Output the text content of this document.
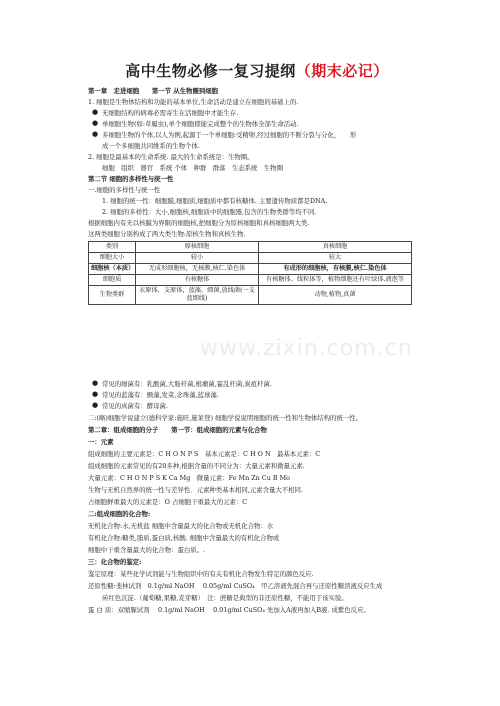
高中生物必修一复习提纲（期末必记）
第一章　走进细胞　　第一节 从生物圈到细胞
1. 细胞是生物体结构和功能的基本单位,生命活动是建立在细胞的基础上的.
● 无细胞结构的病毒必需寄生在活细胞中才能生存.
● 单细胞生物(如:草履虫),单个细胞即能完成整个的生物体全部生命活动.
● 多细胞生物的个体,以人为例,起源于一个单细胞:受精卵,经过细胞的不断分裂与分化，　　形
成一个多细胞共同维系的生物个体.
2. 细胞是最基本的生命系统. 最大的生命系统是：生物圈。
细胞　组织　器官　系统 个体　种群　群落　生态系统　生物圈
第二节 细胞的多样性与统一性
一.细胞的多样性与统一性
1. 细胞的统一性：细胞膜,细胞质,细胞质中都有核糖体. 主要遗传物质都是DNA.
2. 细胞的多样性：大小,细胞核,细胞质中的细胞器,包含的生物类群等均不同.
根据细胞内有无以核膜为界限的细胞核,把细胞分为原核细胞和真核细胞两大类.
这两类细胞分别构成了两大类生物:原核生物和真核生物.
类别	原核细胞	真核细胞
细胞大小	较小	较大
细胞核（本质）	无成形细胞核，无核膜,核仁.染色体	有成形的细胞核，有核膜,核仁.染色体
细胞质	有核糖体	有核糖体、线粒体等，植物细胞还有叶绿体.液泡等
生物类群	衣原体，支原体，蓝藻，细菌,放线菌(一支蓝细线)	动物,植物,真菌
www.zixin.com.cn
● 常见的细菌有：乳酸菌,大肠杆菌,根瘤菌,霍乱杆菌,炭疽杆菌.
● 常见的蓝藻有：颤藻,发菜,念珠藻,蓝球藻.
● 常见的真菌有：酵母菌.
二:(略)细胞学说建立(德科学家:施旺,施莱登) 细胞学说说明细胞的统一性和生物体结构的统一性。
第二章：组成细胞的分子　　第一节：组成细胞的元素与化合物
一：元素
组成细胞的主要元素是：C H O N P S　基本元素是：C H O N　最基本元素：C
组成细胞的元素常见的有20多种,根据含量的不同分为：大量元素和微量元素.
大量元素：C H O N P S K Ca Mg　微量元素：Fe Mn Zn Cu B Mo
生物与无机自然界的统一性与差异性．元素种类基本相同,元素含量大不相同.
占细胞鲜重最大的元素是：O 占细胞干重最大的元素：C
二:组成细胞的化合物:
无机化合物:水,无机盐 细胞中含量最大的化合物或无机化合物：水
有机化合物:糖类,脂质,蛋白质,核酸. 细胞中含量最大的有机化合物或
细胞中干重含量最大的化合物：蛋白质。.
三：化合物的鉴定:
鉴定原理：某些化学试剂能与生物组织中的有关有机化合物发生特定的颜色反应.
还原性糖:斐林试剂　0.1g/ml NaOH　 0.05g/ml CuSO₄　甲乙溶液先混合再与还原性糖溶液反应生成
砖红色沉淀.（葡萄糖,果糖,麦芽糖）　注：蔗糖是典型的非还原性糖，不能用于该实验。
蛋 白 质：双缩脲试剂　 0.1g/ml NaOH　 0.01g/ml CuSO₄ 先加入A液再加入B液. 成紫色反应。
